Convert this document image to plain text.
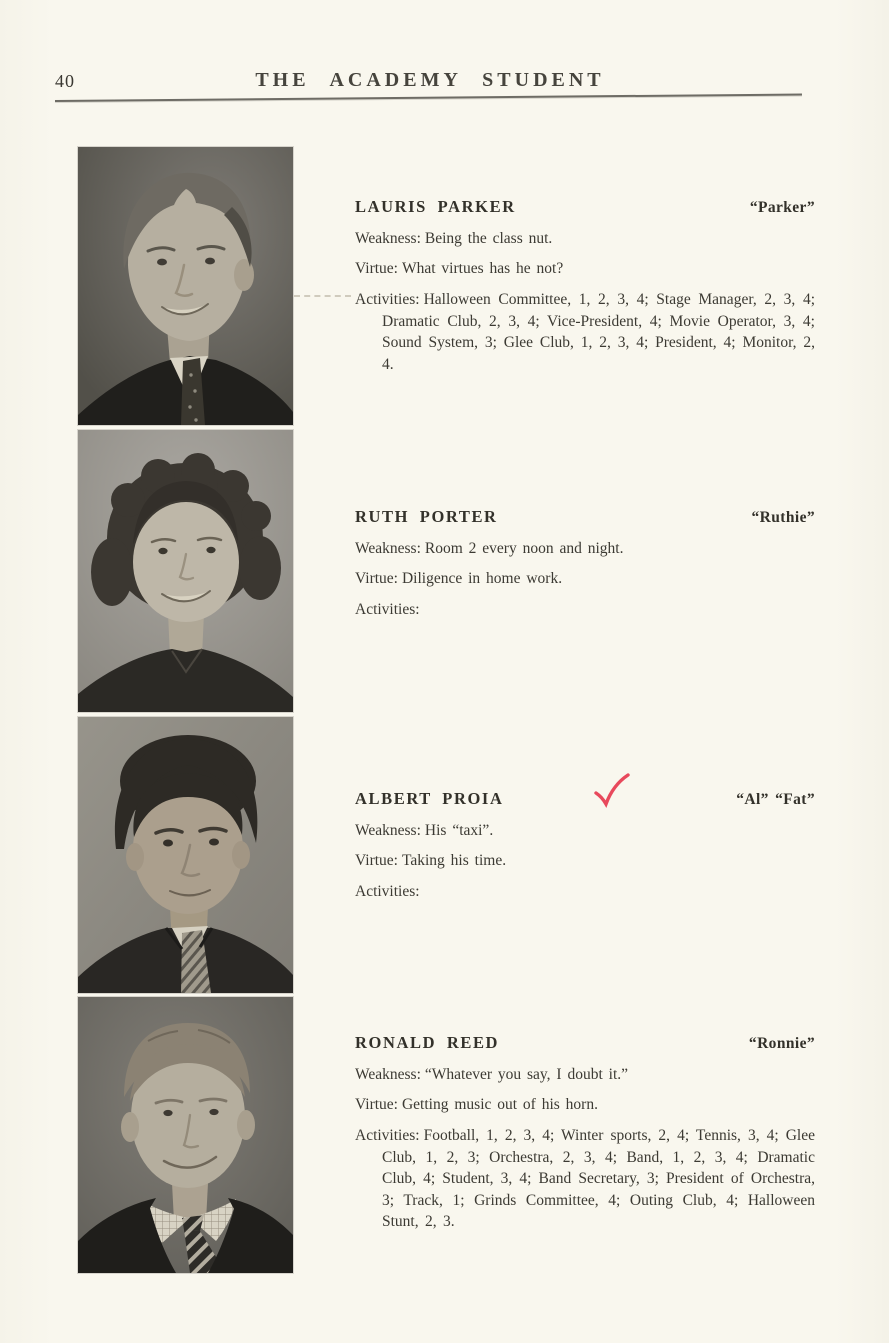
40	THE ACADEMY STUDENT
LAURIS PARKER	“Parker”
Weakness: Being the class nut.
Virtue: What virtues has he not?
Activities: Halloween Committee, 1, 2, 3, 4; Stage Manager, 2, 3, 4; Dramatic Club, 2, 3, 4; Vice-President, 4; Movie Operator, 3, 4; Sound System, 3; Glee Club, 1, 2, 3, 4; President, 4; Monitor, 2, 4.
RUTH PORTER	“Ruthie”
Weakness: Room 2 every noon and night.
Virtue: Diligence in home work.
Activities:
ALBERT PROIA	“Al” “Fat”
Weakness: His “taxi”.
Virtue: Taking his time.
Activities:
RONALD REED	“Ronnie”
Weakness: “Whatever you say, I doubt it.”
Virtue: Getting music out of his horn.
Activities: Football, 1, 2, 3, 4; Winter sports, 2, 4; Tennis, 3, 4; Glee Club, 1, 2, 3; Orchestra, 2, 3, 4; Band, 1, 2, 3, 4; Dramatic Club, 4; Student, 3, 4; Band Secretary, 3; President of Orchestra, 3; Track, 1; Grinds Committee, 4; Outing Club, 4; Halloween Stunt, 2, 3.
